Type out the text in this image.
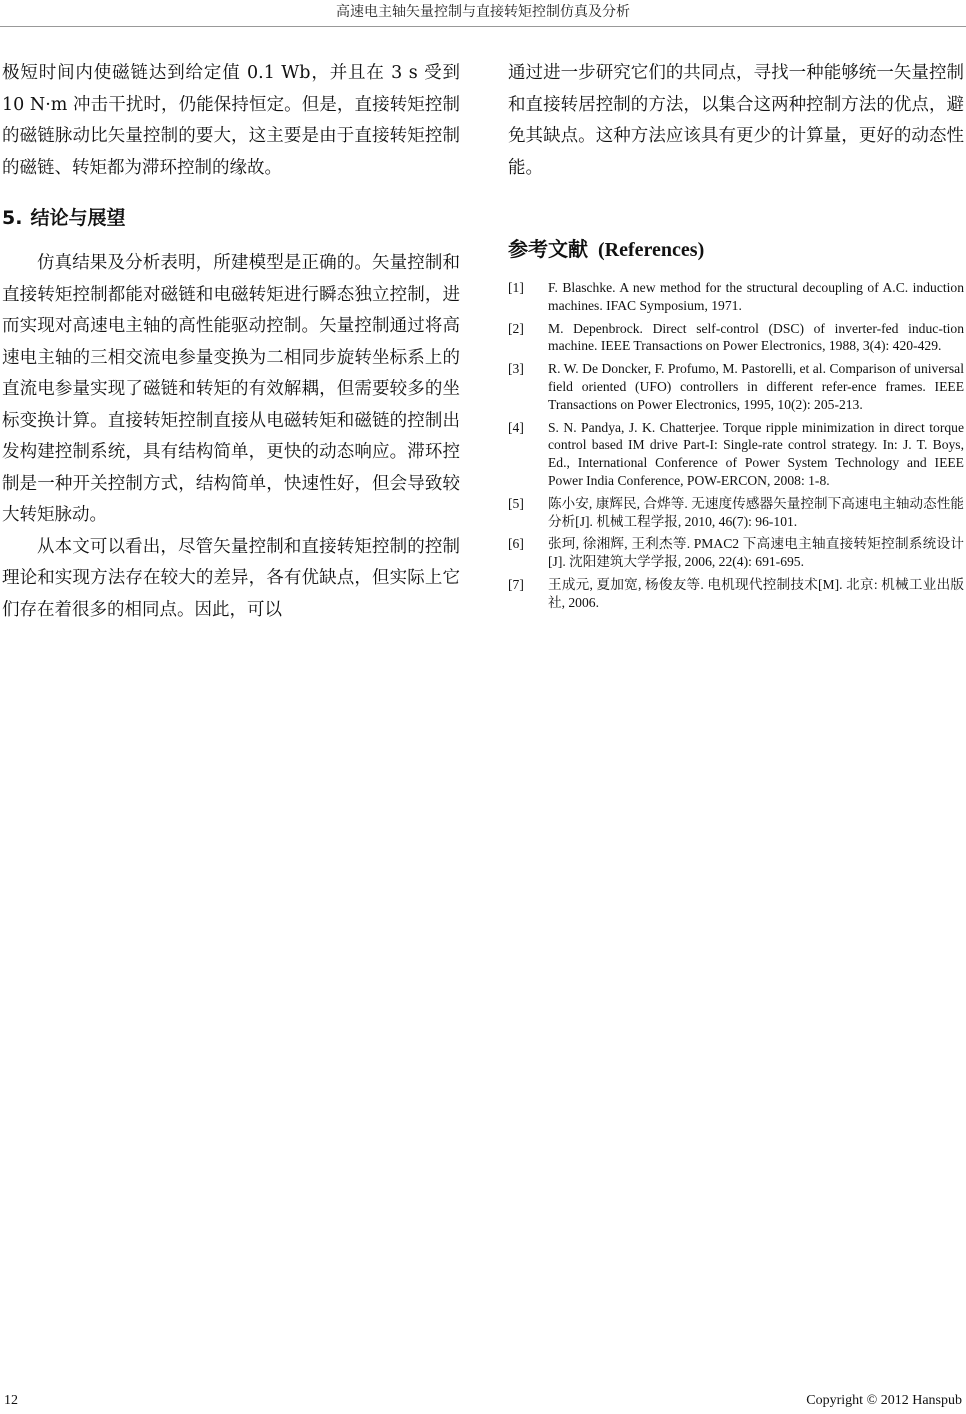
高速电主轴矢量控制与直接转矩控制仿真及分析

极短时间内使磁链达到给定值 0.1 Wb，并且在 3 s 受到 10 N·m 冲击干扰时，仍能保持恒定。但是，直接转矩控制的磁链脉动比矢量控制的要大，这主要是由于直接转矩控制的磁链、转矩都为滞环控制的缘故。

5. 结论与展望

仿真结果及分析表明，所建模型是正确的。矢量控制和直接转矩控制都能对磁链和电磁转矩进行瞬态独立控制，进而实现对高速电主轴的高性能驱动控制。矢量控制通过将高速电主轴的三相交流电参量变换为二相同步旋转坐标系上的直流电参量实现了磁链和转矩的有效解耦，但需要较多的坐标变换计算。直接转矩控制直接从电磁转矩和磁链的控制出发构建控制系统，具有结构简单，更快的动态响应。滞环控制是一种开关控制方式，结构简单，快速性好，但会导致较大转矩脉动。

从本文可以看出，尽管矢量控制和直接转矩控制的控制理论和实现方法存在较大的差异，各有优缺点，但实际上它们存在着很多的相同点。因此，可以

通过进一步研究它们的共同点，寻找一种能够统一矢量控制和直接转居控制的方法，以集合这两种控制方法的优点，避免其缺点。这种方法应该具有更少的计算量，更好的动态性能。

参考文献 (References)
[1] F. Blaschke. A new method for the structural decoupling of A.C. induction machines. IFAC Symposium, 1971.
[2] M. Depenbrock. Direct self-control (DSC) of inverter-fed induc-tion machine. IEEE Transactions on Power Electronics, 1988, 3(4): 420-429.
[3] R. W. De Doncker, F. Profumo, M. Pastorelli, et al. Comparison of universal field oriented (UFO) controllers in different refer-ence frames. IEEE Transactions on Power Electronics, 1995, 10(2): 205-213.
[4] S. N. Pandya, J. K. Chatterjee. Torque ripple minimization in direct torque control based IM drive Part-I: Single-rate control strategy. In: J. T. Boys, Ed., International Conference of Power System Technology and IEEE Power India Conference, POW-ERCON, 2008: 1-8.
[5] 陈小安, 康辉民, 合烨等. 无速度传感器矢量控制下高速电主轴动态性能分析[J]. 机械工程学报, 2010, 46(7): 96-101.
[6] 张珂, 徐湘辉, 王利杰等. PMAC2 下高速电主轴直接转矩控制系统设计[J]. 沈阳建筑大学学报, 2006, 22(4): 691-695.
[7] 王成元, 夏加宽, 杨俊友等. 电机现代控制技术[M]. 北京: 机械工业出版社, 2006.
12	Copyright © 2012 Hanspub
